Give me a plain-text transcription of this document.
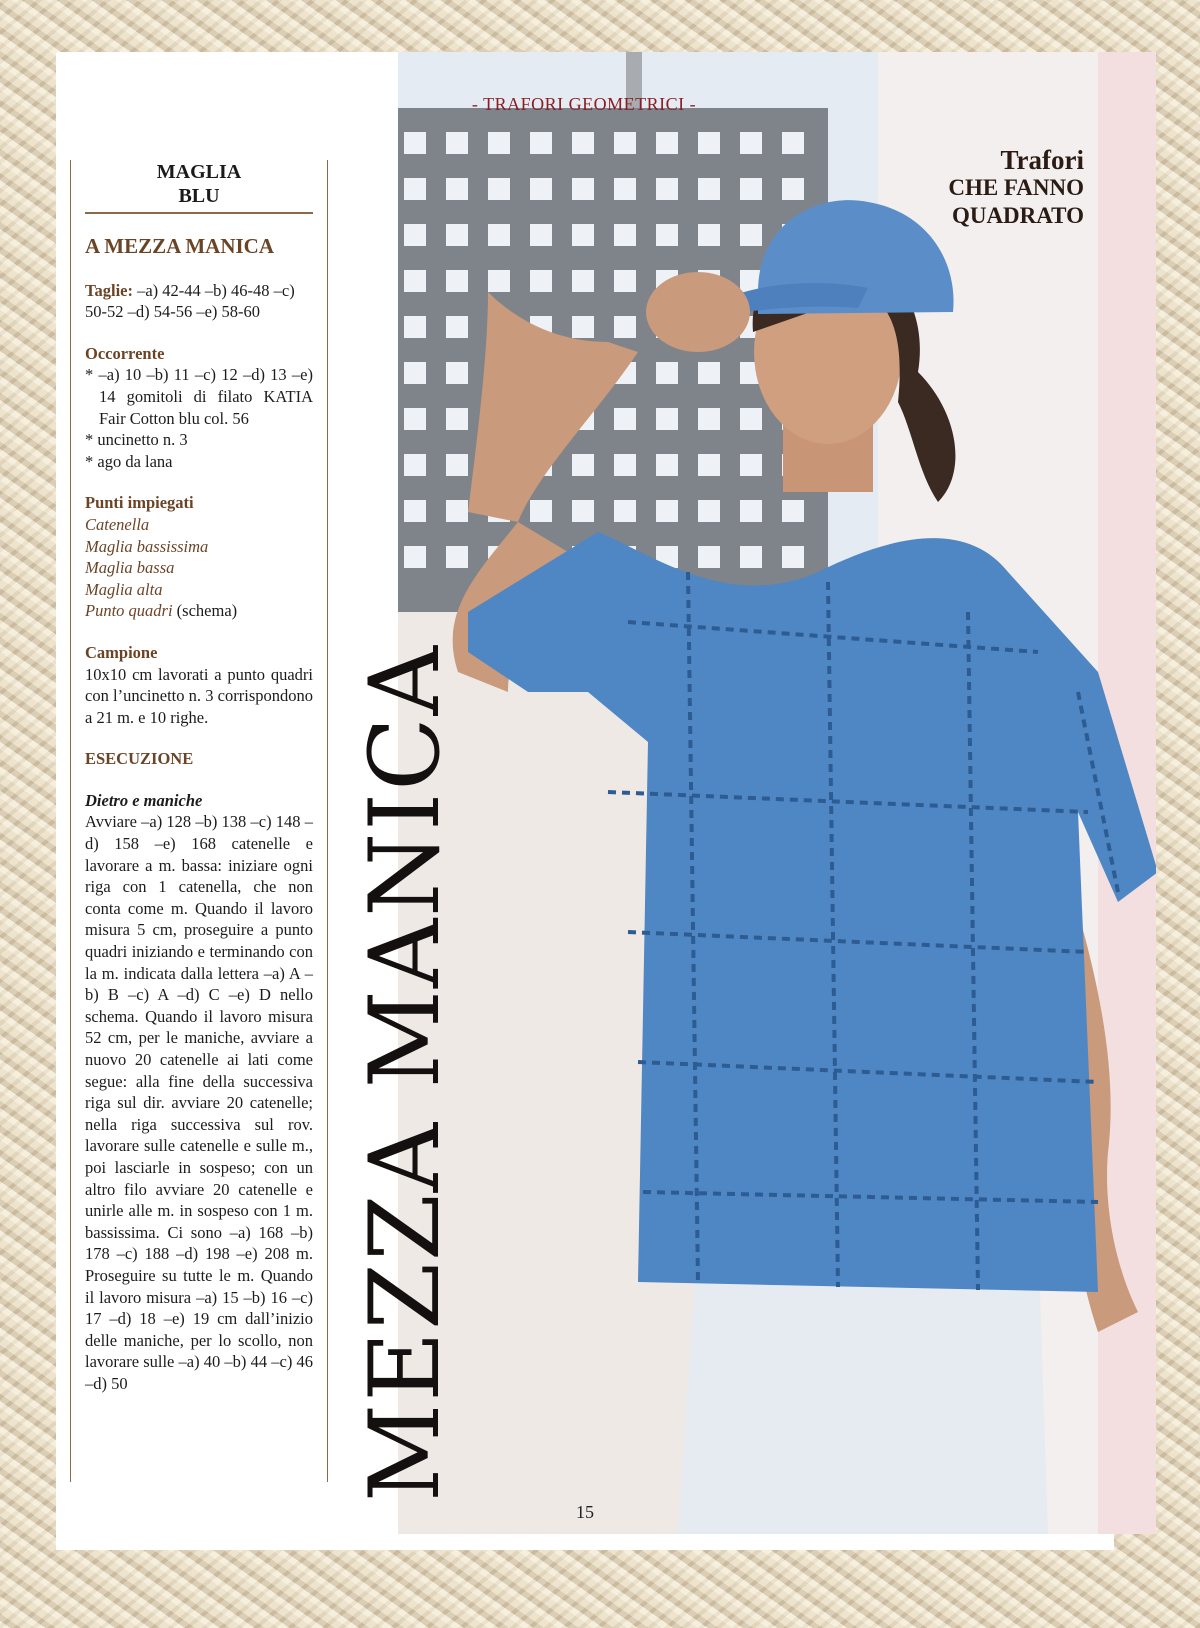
- TRAFORI GEOMETRICI -
Trafori
CHE FANNO
QUADRATO
MEZZA MANICA
MAGLIA
BLU
A MEZZA MANICA
Taglie: –a) 42-44 –b) 46-48 –c) 50-52 –d) 54-56 –e) 58-60
Occorrente
* –a) 10 –b) 11 –c) 12 –d) 13 –e) 14 gomitoli di filato KATIA Fair Cotton blu col. 56
* uncinetto n. 3
* ago da lana
Punti impiegati
Catenella
Maglia bassissima
Maglia bassa
Maglia alta
Punto quadri (schema)
Campione
10x10 cm lavorati a punto quadri con l’uncinetto n. 3 corrispondono a 21 m. e 10 righe.
ESECUZIONE
Dietro e maniche
Avviare –a) 128 –b) 138 –c) 148 –d) 158 –e) 168 catenelle e lavorare a m. bassa: iniziare ogni riga con 1 catenella, che non conta come m. Quando il lavoro misura 5 cm, proseguire a punto quadri iniziando e terminando con la m. indicata dalla lettera –a) A –b) B –c) A –d) C –e) D nello schema. Quando il lavoro misura 52 cm, per le maniche, avviare a nuovo 20 catenelle ai lati come segue: alla fine della successiva riga sul dir. avviare 20 catenelle; nella riga successiva sul rov. lavorare sulle catenelle e sulle m., poi lasciarle in sospeso; con un altro filo avviare 20 catenelle e unirle alle m. in sospeso con 1 m. bassissima. Ci sono –a) 168 –b) 178 –c) 188 –d) 198 –e) 208 m. Proseguire su tutte le m. Quando il lavoro misura –a) 15 –b) 16 –c) 17 –d) 18 –e) 19 cm dall’inizio delle maniche, per lo scollo, non lavorare sulle –a) 40 –b) 44 –c) 46 –d) 50
15
